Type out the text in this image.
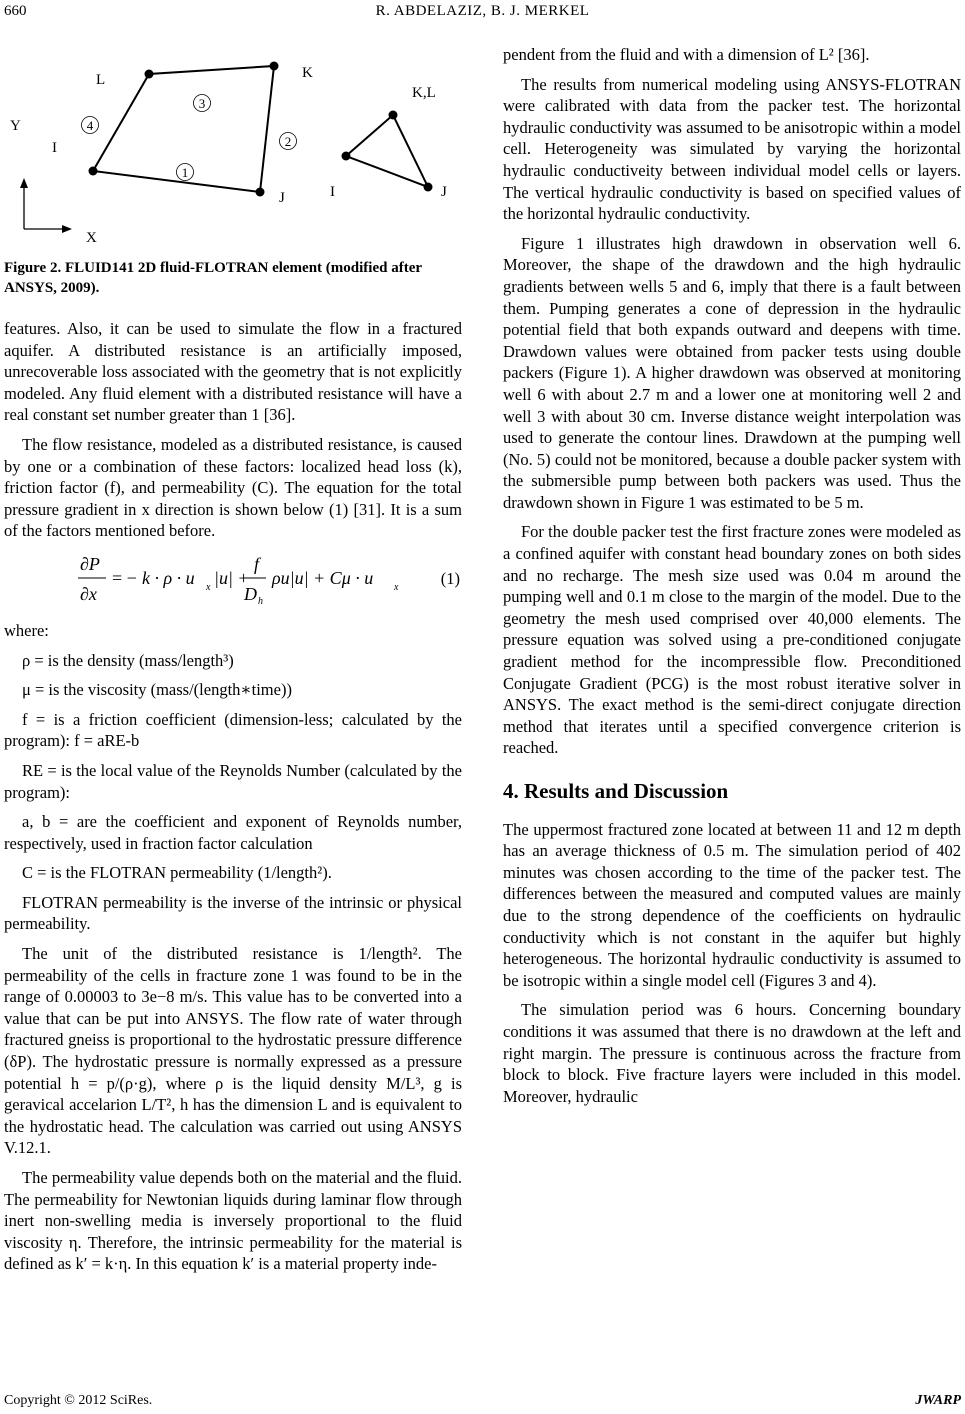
660	R. ABDELAZIZ, B. J. MERKEL
1
2
3
4
L	K
Y
I
X
J
K,L
I	J
Figure 2. FLUID141 2D fluid-FLOTRAN element (modified after ANSYS, 2009).

features. Also, it can be used to simulate the flow in a fractured aquifer. A distributed resistance is an artificially imposed, unrecoverable loss associated with the geometry that is not explicitly modeled. Any fluid element with a distributed resistance will have a real constant set number greater than 1 [36].

The flow resistance, modeled as a distributed resistance, is caused by one or a combination of these factors: localized head loss (k), friction factor (f), and permeability (C). The equation for the total pressure gradient in x direction is shown below (1) [31]. It is a sum of the factors mentioned before.

∂P
∂x
= − k · ρ · u x |u| +
f
D h
ρu|u| + Cμ · u x	(1)

where:

ρ = is the density (mass/length³)

μ = is the viscosity (mass/(length∗time))

f = is a friction coefficient (dimension-less; calculated by the program): f = aRE-b

RE = is the local value of the Reynolds Number (calculated by the program):

a, b = are the coefficient and exponent of Reynolds number, respectively, used in fraction factor calculation

C = is the FLOTRAN permeability (1/length²).

FLOTRAN permeability is the inverse of the intrinsic or physical permeability.

The unit of the distributed resistance is 1/length². The permeability of the cells in fracture zone 1 was found to be in the range of 0.00003 to 3e−8 m/s. This value has to be converted into a value that can be put into ANSYS. The flow rate of water through fractured gneiss is proportional to the hydrostatic pressure difference (δP). The hydrostatic pressure is normally expressed as a pressure potential h = p/(ρ·g), where ρ is the liquid density M/L³, g is geravical accelarion L/T², h has the dimension L and is equivalent to the hydrostatic head. The calculation was carried out using ANSYS V.12.1.

The permeability value depends both on the material and the fluid. The permeability for Newtonian liquids during laminar flow through inert non-swelling media is inversely proportional to the fluid viscosity η. Therefore, the intrinsic permeability for the material is defined as k′ = k·η. In this equation k′ is a material property inde-

pendent from the fluid and with a dimension of L² [36].

The results from numerical modeling using ANSYS-FLOTRAN were calibrated with data from the packer test. The horizontal hydraulic conductivity was assumed to be anisotropic within a model cell. Heterogeneity was simulated by varying the horizontal hydraulic conductiveity between individual model cells or layers. The vertical hydraulic conductivity is based on specified values of the horizontal hydraulic conductivity.

Figure 1 illustrates high drawdown in observation well 6. Moreover, the shape of the drawdown and the high hydraulic gradients between wells 5 and 6, imply that there is a fault between them. Pumping generates a cone of depression in the hydraulic potential field that both expands outward and deepens with time. Drawdown values were obtained from packer tests using double packers (Figure 1). A higher drawdown was observed at monitoring well 6 with about 2.7 m and a lower one at monitoring well 2 and well 3 with about 30 cm. Inverse distance weight interpolation was used to generate the contour lines. Drawdown at the pumping well (No. 5) could not be monitored, because a double packer system with the submersible pump between both packers was used. Thus the drawdown shown in Figure 1 was estimated to be 5 m.

For the double packer test the first fracture zones were modeled as a confined aquifer with constant head boundary zones on both sides and no recharge. The mesh size used was 0.04 m around the pumping well and 0.1 m close to the margin of the model. Due to the geometry the mesh used comprised over 40,000 elements. The pressure equation was solved using a pre-conditioned conjugate gradient method for the incompressible flow. Preconditioned Conjugate Gradient (PCG) is the most robust iterative solver in ANSYS. The exact method is the semi-direct conjugate direction method that iterates until a specified convergence criterion is reached.

4. Results and Discussion

The uppermost fractured zone located at between 11 and 12 m depth has an average thickness of 0.5 m. The simulation period of 402 minutes was chosen according to the time of the packer test. The differences between the measured and computed values are mainly due to the strong dependence of the coefficients on hydraulic conductivity which is not constant in the aquifer but highly heterogeneous. The horizontal hydraulic conductivity is assumed to be isotropic within a single model cell (Figures 3 and 4).

The simulation period was 6 hours. Concerning boundary conditions it was assumed that there is no drawdown at the left and right margin. The pressure is continuous across the fracture from block to block. Five fracture layers were included in this model. Moreover, hydraulic

Copyright © 2012 SciRes.	JWARP
